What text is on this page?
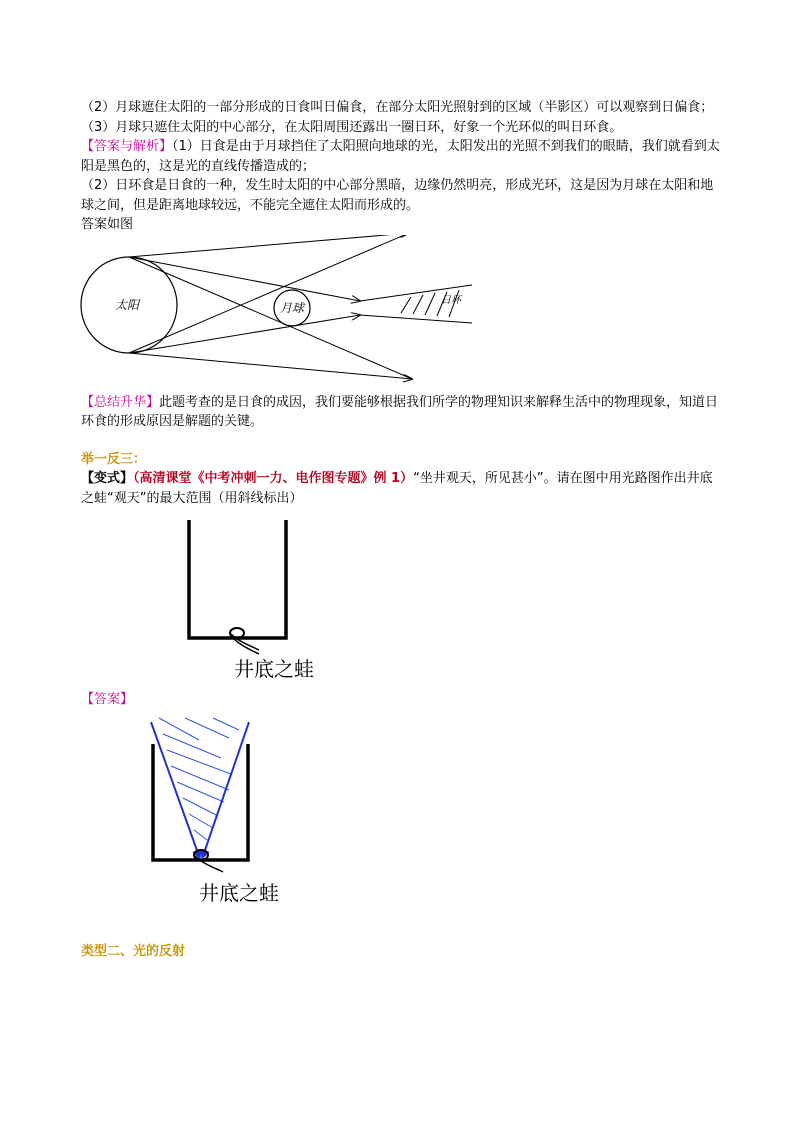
（2）月球遮住太阳的一部分形成的日食叫日偏食，在部分太阳光照射到的区域（半影区）可以观察到日偏食；

（3）月球只遮住太阳的中心部分，在太阳周围还露出一圈日环，好象一个光环似的叫日环食。

【答案与解析】（1）日食是由于月球挡住了太阳照向地球的光，太阳发出的光照不到我们的眼睛，我们就看到太阳是黑色的，这是光的直线传播造成的；

（2）日环食是日食的一种，发生时太阳的中心部分黑暗，边缘仍然明亮，形成光环，这是因为月球在太阳和地球之间，但是距离地球较远，不能完全遮住太阳而形成的。

答案如图

太阳	月球
日环

【总结升华】此题考查的是日食的成因，我们要能够根据我们所学的物理知识来解释生活中的物理现象，知道日环食的形成原因是解题的关键。

举一反三：

【变式】（高清课堂《中考冲刺一力、电作图专题》例 1）“坐井观天，所见甚小”。请在图中用光路图作出井底之蛙“观天”的最大范围（用斜线标出）

井底之蛙

【答案】

井底之蛙

类型二、光的反射
